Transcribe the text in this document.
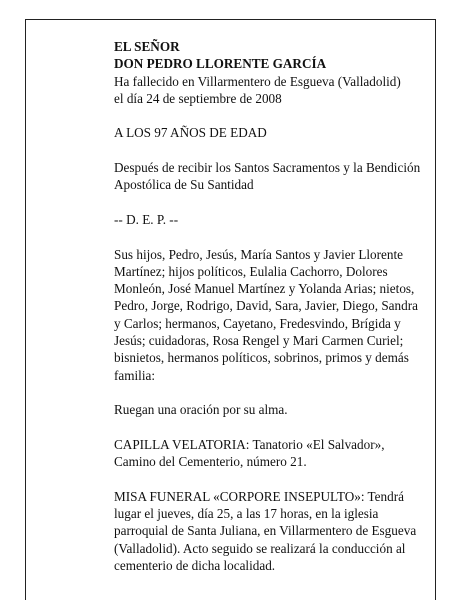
EL SEÑOR
DON PEDRO LLORENTE GARCÍA
Ha fallecido en Villarmentero de Esgueva (Valladolid)

el día 24 de septiembre de 2008

A LOS 97 AÑOS DE EDAD

Después de recibir los Santos Sacramentos y la Bendición Apostólica de Su Santidad

-- D. E. P. --

Sus hijos, Pedro, Jesús, María Santos y Javier Llorente Martínez; hijos políticos, Eulalia Cachorro, Dolores Monleón, José Manuel Martínez y Yolanda Arias; nietos, Pedro, Jorge, Rodrigo, David, Sara, Javier, Diego, Sandra y Carlos; hermanos, Cayetano, Fredesvindo, Brígida y Jesús; cuidadoras, Rosa Rengel y Mari Carmen Curiel; bisnietos, hermanos políticos, sobrinos, primos y demás familia:

Ruegan una oración por su alma.

CAPILLA VELATORIA: Tanatorio «El Salvador», Camino del Cementerio, número 21.

MISA FUNERAL «CORPORE INSEPULTO»: Tendrá lugar el jueves, día 25, a las 17 horas, en la iglesia parroquial de Santa Juliana, en Villarmentero de Esgueva (Valladolid). Acto seguido se realizará la conducción al cementerio de dicha localidad.
